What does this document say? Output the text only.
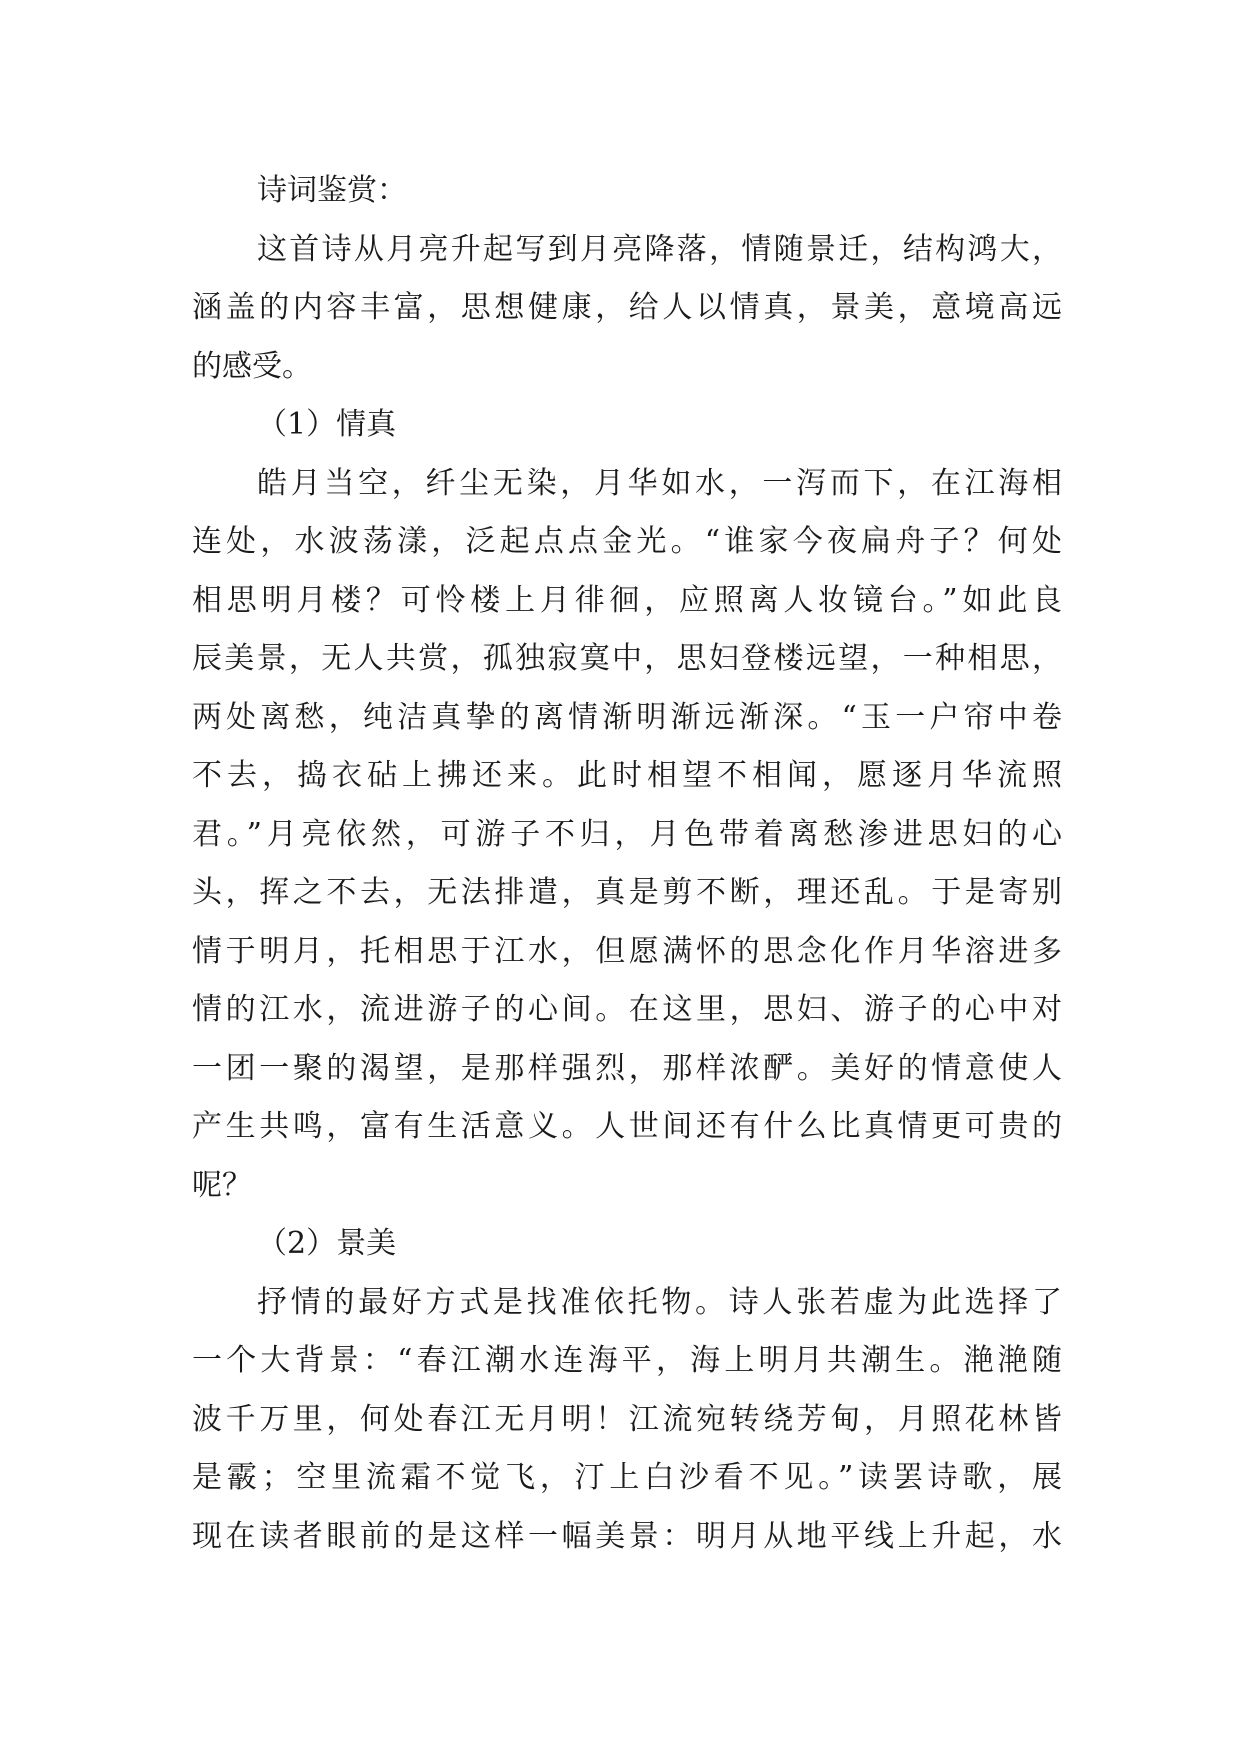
诗词鉴赏：
这首诗从月亮升起写到月亮降落，情随景迁，结构鸿大，
涵盖的内容丰富，思想健康，给人以情真，景美，意境高远
的感受。
（1）情真
皓月当空，纤尘无染，月华如水，一泻而下，在江海相
连处，水波荡漾，泛起点点金光。“谁家今夜扁舟子？何处
相思明月楼？可怜楼上月徘徊，应照离人妆镜台。”如此良
辰美景，无人共赏，孤独寂寞中，思妇登楼远望，一种相思，
两处离愁，纯洁真挚的离情渐明渐远渐深。“玉一户帘中卷
不去，捣衣砧上拂还来。此时相望不相闻，愿逐月华流照
君。”月亮依然，可游子不归，月色带着离愁渗进思妇的心
头，挥之不去，无法排遣，真是剪不断，理还乱。于是寄别
情于明月，托相思于江水，但愿满怀的思念化作月华溶进多
情的江水，流进游子的心间。在这里，思妇、游子的心中对
一团一聚的渴望，是那样强烈，那样浓酽。美好的情意使人
产生共鸣，富有生活意义。人世间还有什么比真情更可贵的
呢？
（2）景美
抒情的最好方式是找准依托物。诗人张若虚为此选择了
一个大背景：“春江潮水连海平，海上明月共潮生。滟滟随
波千万里，何处春江无月明！江流宛转绕芳甸，月照花林皆
是霰；空里流霜不觉飞，汀上白沙看不见。”读罢诗歌，展
现在读者眼前的是这样一幅美景：明月从地平线上升起，水
